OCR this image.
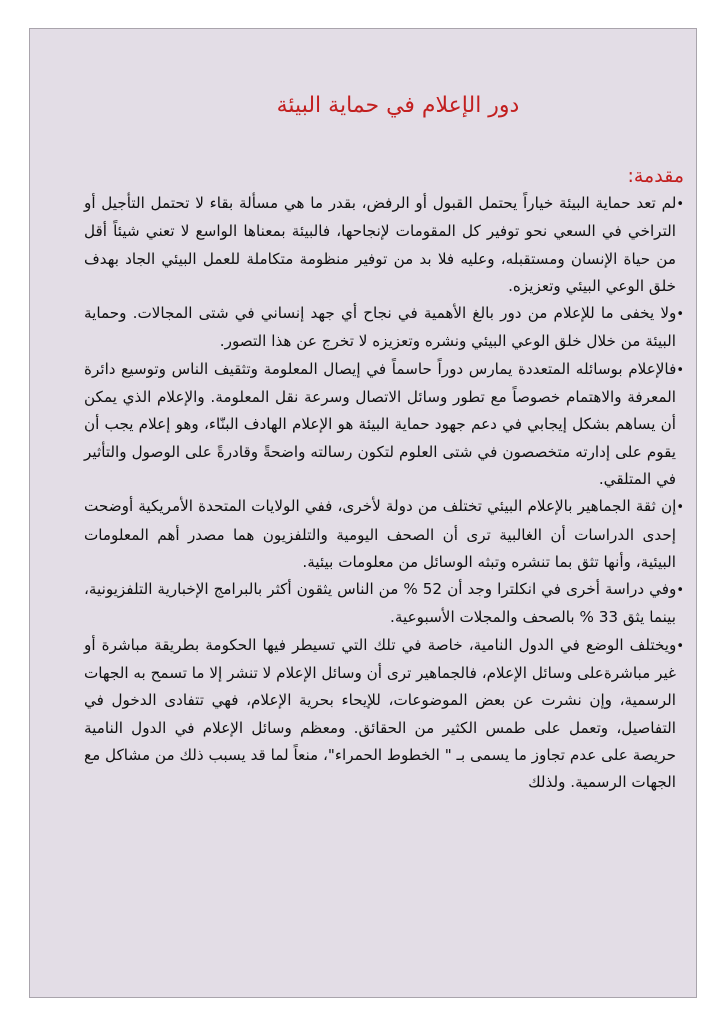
دور الإعلام في حماية البيئة
مقدمة:

•لم تعد حماية البيئة خياراً يحتمل القبول أو الرفض، بقدر ما هي مسألة بقاء لا تحتمل التأجيل أو التراخي في السعي نحو توفير كل المقومات لإنجاحها، فالبيئة بمعناها الواسع لا تعني شيئاً أقل من حياة الإنسان ومستقبله، وعليه فلا بد من توفير منظومة متكاملة للعمل البيئي الجاد بهدف خلق الوعي البيئي وتعزيزه.

•ولا يخفى ما للإعلام من دور بالغ الأهمية في نجاح أي جهد إنساني في شتى المجالات. وحماية البيئة من خلال خلق الوعي البيئي ونشره وتعزيزه لا تخرج عن هذا التصور.

•فالإعلام بوسائله المتعددة يمارس دوراً حاسماً في إيصال المعلومة وتثقيف الناس وتوسيع دائرة المعرفة والاهتمام خصوصاً مع تطور وسائل الاتصال وسرعة نقل المعلومة. والإعلام الذي يمكن أن يساهم بشكل إيجابي في دعم جهود حماية البيئة هو الإعلام الهادف البنّاء، وهو إعلام يجب أن يقوم على إدارته متخصصون في شتى العلوم لتكون رسالته واضحةً وقادرةً على الوصول والتأثير في المتلقي.

•إن ثقة الجماهير بالإعلام البيئي تختلف من دولة لأخرى، ففي الولايات المتحدة الأمريكية أوضحت إحدى الدراسات أن الغالبية ترى أن الصحف اليومية والتلفزيون هما مصدر أهم المعلومات البيئية، وأنها تثق بما تنشره وتبثه الوسائل من معلومات بيئية.

•وفي دراسة أخرى في انكلترا وجد أن 52 % من الناس يثقون أكثر بالبرامج الإخبارية التلفزيونية، بينما يثق 33 % بالصحف والمجلات الأسبوعية.

•ويختلف الوضع في الدول النامية، خاصة في تلك التي تسيطر فيها الحكومة بطريقة مباشرة أو غير مباشرةعلى وسائل الإعلام، فالجماهير ترى أن وسائل الإعلام لا تنشر إلا ما تسمح به الجهات الرسمية، وإن نشرت عن بعض الموضوعات، للإيحاء بحرية الإعلام، فهي تتفادى الدخول في التفاصيل، وتعمل على طمس الكثير من الحقائق. ومعظم وسائل الإعلام في الدول النامية حريصة على عدم تجاوز ما يسمى بـ " الخطوط الحمراء"، منعاً لما قد يسبب ذلك من مشاكل مع الجهات الرسمية. ولذلك
